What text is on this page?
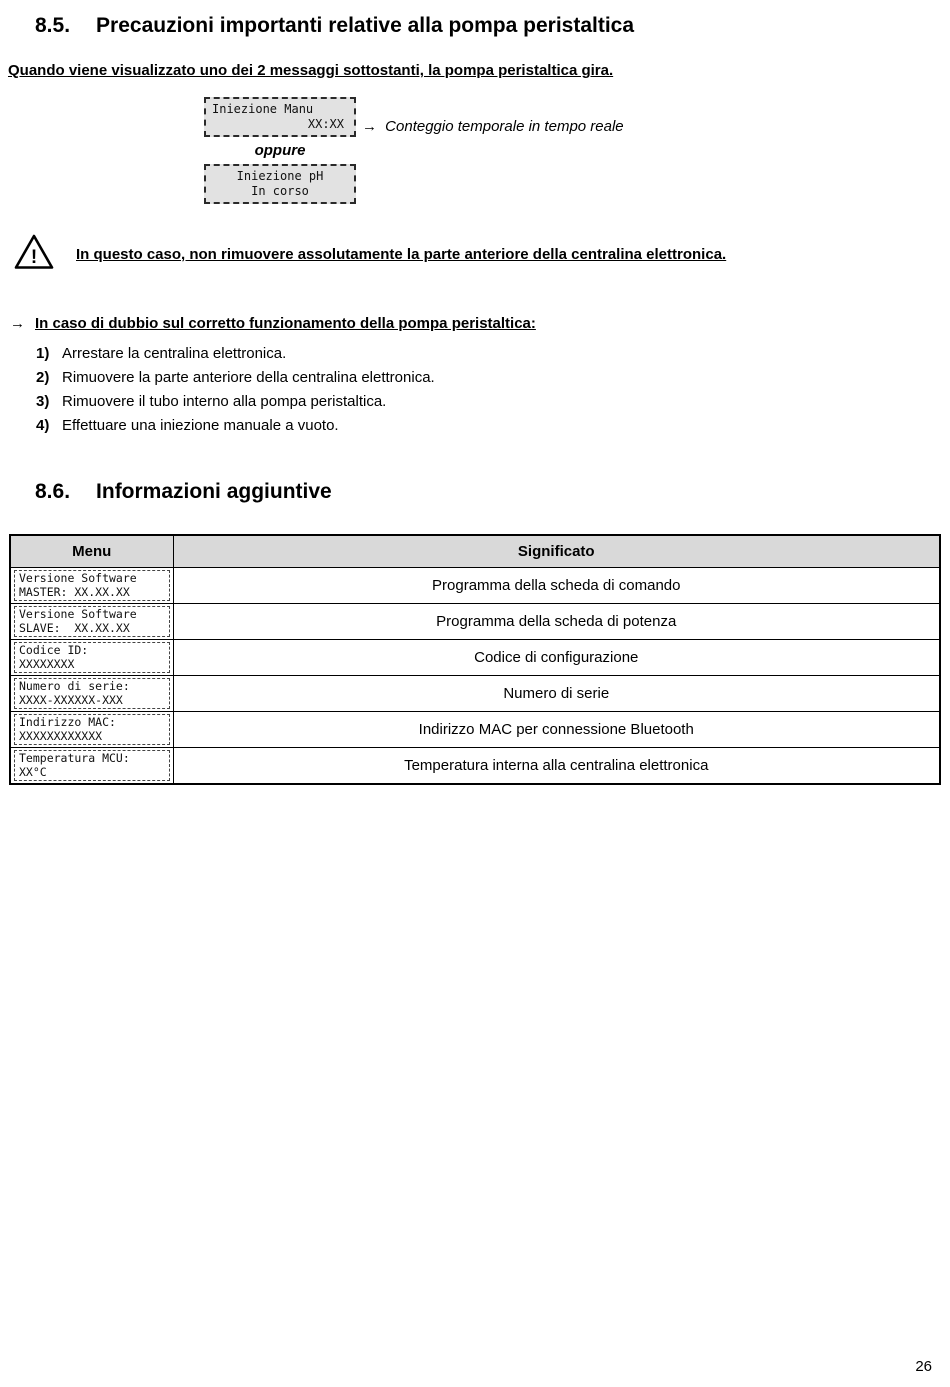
8.5. Precauzioni importanti relative alla pompa peristaltica

Quando viene visualizzato uno dei 2 messaggi sottostanti, la pompa peristaltica gira.

Iniezione Manu
XX:XX → Conteggio temporale in tempo reale
oppure
Iniezione pH
In corso
!	In questo caso, non rimuovere assolutamente la parte anteriore della centralina elettronica.
→ In caso di dubbio sul corretto funzionamento della pompa peristaltica:
1) Arrestare la centralina elettronica.
2) Rimuovere la parte anteriore della centralina elettronica.
3) Rimuovere il tubo interno alla pompa peristaltica.
4) Effettuare una iniezione manuale a vuoto.
8.6. Informazioni aggiuntive
Menu	Significato

Versione Software
MASTER: XX.XX.XX	Programma della scheda di comando

Versione Software
SLAVE:  XX.XX.XX	Programma della scheda di potenza

Codice ID:
XXXXXXXX	Codice di configurazione

Numero di serie:
XXXX-XXXXXX-XXX	Numero di serie

Indirizzo MAC:
XXXXXXXXXXXX	Indirizzo MAC per connessione Bluetooth

Temperatura MCU:
XX°C	Temperatura interna alla centralina elettronica
26
